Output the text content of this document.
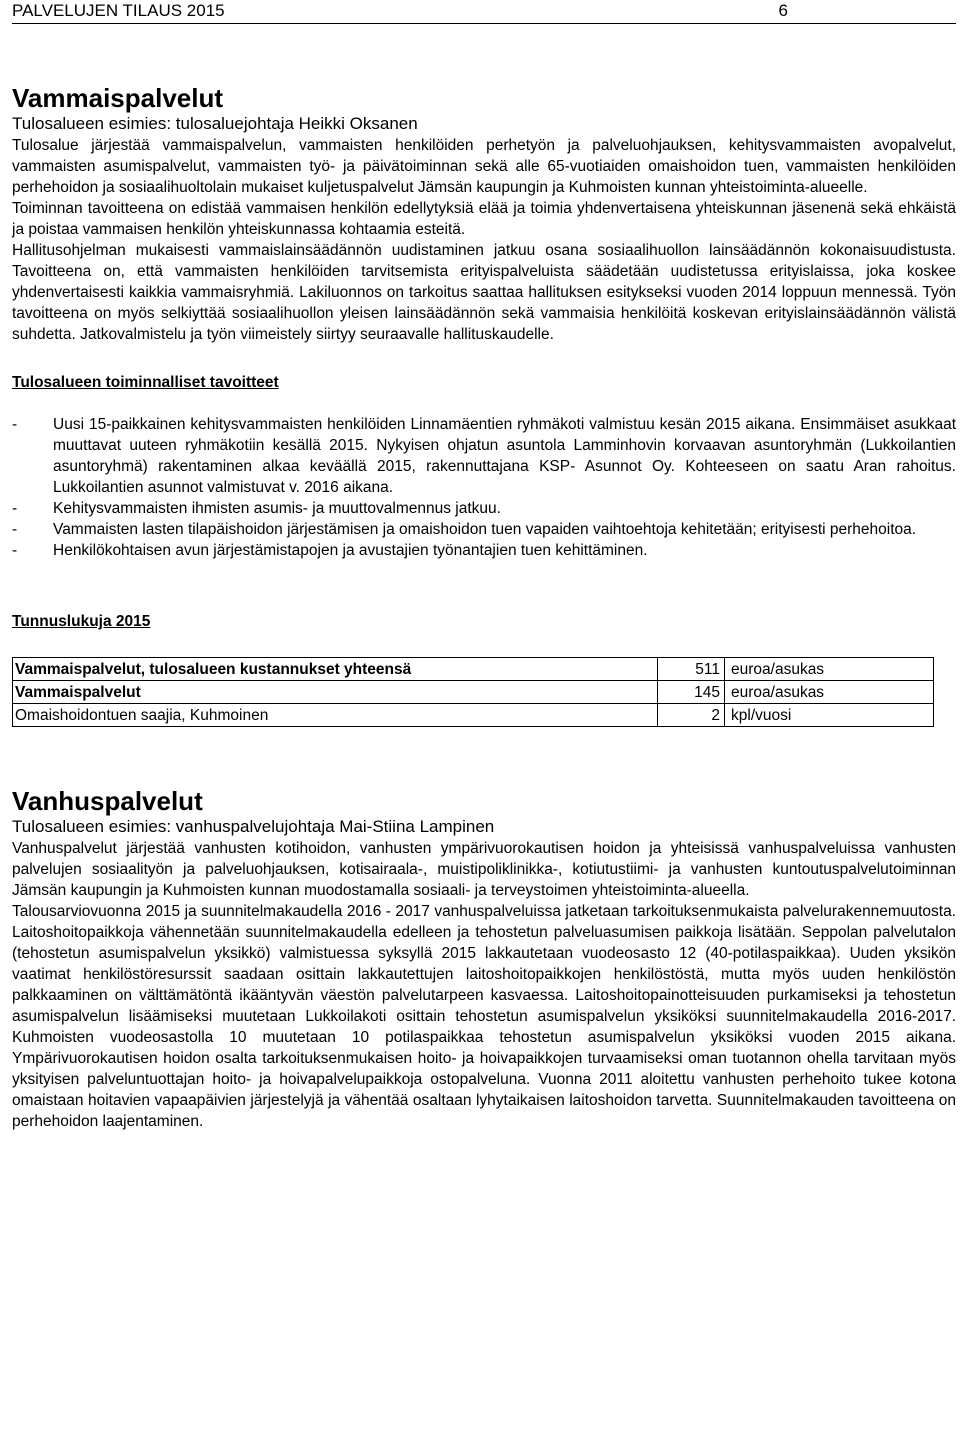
PALVELUJEN TILAUS 2015	6
Vammaispalvelut
Tulosalueen esimies: tulosaluejohtaja Heikki Oksanen

Tulosalue järjestää vammaispalvelun, vammaisten henkilöiden perhetyön ja palveluohjauksen, kehitysvammaisten avopalvelut, vammaisten asumispalvelut, vammaisten työ- ja päivätoiminnan sekä alle 65-vuotiaiden omaishoidon tuen, vammaisten henkilöiden perhehoidon ja sosiaalihuoltolain mukaiset kuljetuspalvelut Jämsän kaupungin ja Kuhmoisten kunnan yhteistoiminta-alueelle.

Toiminnan tavoitteena on edistää vammaisen henkilön edellytyksiä elää ja toimia yhdenvertaisena yhteiskunnan jäsenenä sekä ehkäistä ja poistaa vammaisen henkilön yhteiskunnassa kohtaamia esteitä.

Hallitusohjelman mukaisesti vammaislainsäädännön uudistaminen jatkuu osana sosiaalihuollon lainsäädännön kokonaisuudistusta. Tavoitteena on, että vammaisten henkilöiden tarvitsemista erityispalveluista säädetään uudistetussa erityislaissa, joka koskee yhdenvertaisesti kaikkia vammaisryhmiä. Lakiluonnos on tarkoitus saattaa hallituksen esitykseksi vuoden 2014 loppuun mennessä. Työn tavoitteena on myös selkiyttää sosiaalihuollon yleisen lainsäädännön sekä vammaisia henkilöitä koskevan erityislainsäädännön välistä suhdetta. Jatkovalmistelu ja työn viimeistely siirtyy seuraavalle hallituskaudelle.

Tulosalueen toiminnalliset tavoitteet
- Uusi 15-paikkainen kehitysvammaisten henkilöiden Linnamäentien ryhmäkoti valmistuu kesän 2015 aikana. Ensimmäiset asukkaat muuttavat uuteen ryhmäkotiin kesällä 2015. Nykyisen ohjatun asuntola Lamminhovin korvaavan asuntoryhmän (Lukkoilantien asuntoryhmä) rakentaminen alkaa keväällä 2015, rakennuttajana KSP- Asunnot Oy. Kohteeseen on saatu Aran rahoitus. Lukkoilantien asunnot valmistuvat v. 2016 aikana.
- Kehitysvammaisten ihmisten asumis- ja muuttovalmennus jatkuu.
- Vammaisten lasten tilapäishoidon järjestämisen ja omaishoidon tuen vapaiden vaihtoehtoja kehitetään; erityisesti perhehoitoa.
- Henkilökohtaisen avun järjestämistapojen ja avustajien työnantajien tuen kehittäminen.
Tunnuslukuja 2015
Vammaispalvelut, tulosalueen kustannukset yhteensä	511	euroa/asukas
Vammaispalvelut	145	euroa/asukas
Omaishoidontuen saajia, Kuhmoinen	2	kpl/vuosi
Vanhuspalvelut
Tulosalueen esimies: vanhuspalvelujohtaja Mai-Stiina Lampinen

Vanhuspalvelut järjestää vanhusten kotihoidon, vanhusten ympärivuorokautisen hoidon ja yhteisissä vanhuspalveluissa vanhusten palvelujen sosiaalityön ja palveluohjauksen, kotisairaala-, muistipoliklinikka-, kotiutustiimi- ja vanhusten kuntoutuspalvelutoiminnan Jämsän kaupungin ja Kuhmoisten kunnan muodostamalla sosiaali- ja terveystoimen yhteistoiminta-alueella.

Talousarviovuonna 2015 ja suunnitelmakaudella 2016 - 2017 vanhuspalveluissa jatketaan tarkoituksenmukaista palvelurakennemuutosta. Laitoshoitopaikkoja vähennetään suunnitelmakaudella edelleen ja tehostetun palveluasumisen paikkoja lisätään. Seppolan palvelutalon (tehostetun asumispalvelun yksikkö) valmistuessa syksyllä 2015 lakkautetaan vuodeosasto 12 (40-potilaspaikkaa). Uuden yksikön vaatimat henkilöstöresurssit saadaan osittain lakkautettujen laitoshoitopaikkojen henkilöstöstä, mutta myös uuden henkilöstön palkkaaminen on välttämätöntä ikääntyvän väestön palvelutarpeen kasvaessa. Laitoshoitopainotteisuuden purkamiseksi ja tehostetun asumispalvelun lisäämiseksi muutetaan Lukkoilakoti osittain tehostetun asumispalvelun yksiköksi suunnitelmakaudella 2016-2017. Kuhmoisten vuodeosastolla 10 muutetaan 10 potilaspaikkaa tehostetun asumispalvelun yksiköksi vuoden 2015 aikana. Ympärivuorokautisen hoidon osalta tarkoituksenmukaisen hoito- ja hoivapaikkojen turvaamiseksi oman tuotannon ohella tarvitaan myös yksityisen palveluntuottajan hoito- ja hoivapalvelupaikkoja ostopalveluna. Vuonna 2011 aloitettu vanhusten perhehoito tukee kotona omaistaan hoitavien vapaapäivien järjestelyjä ja vähentää osaltaan lyhytaikaisen laitoshoidon tarvetta. Suunnitelmakauden tavoitteena on perhehoidon laajentaminen.
